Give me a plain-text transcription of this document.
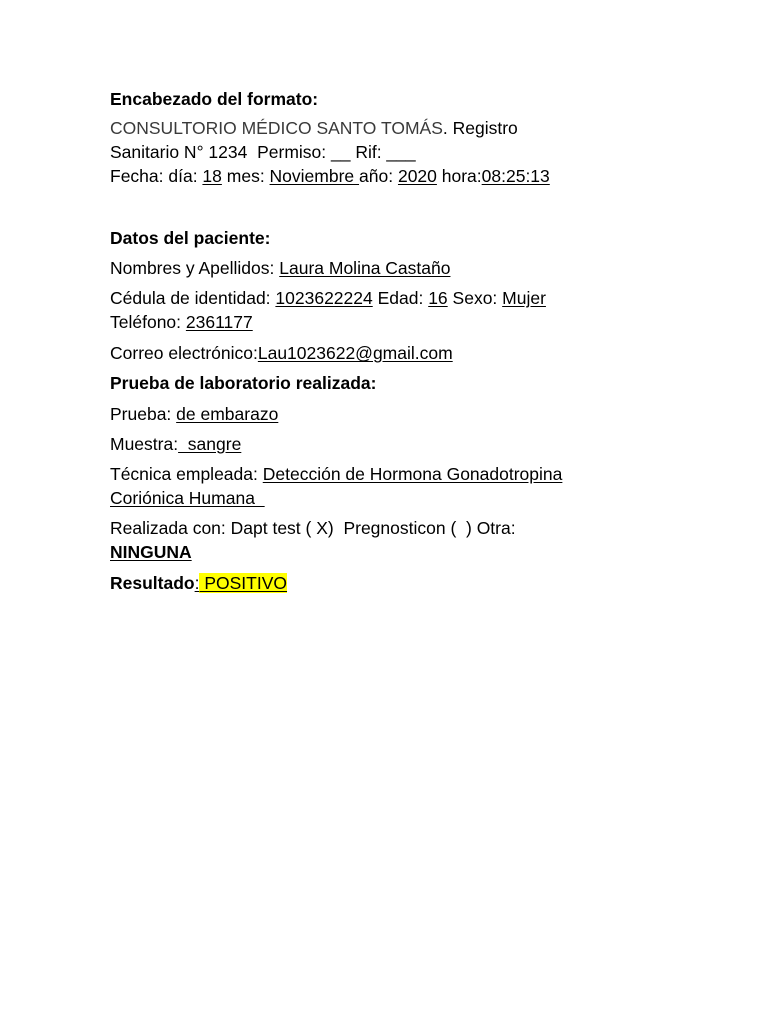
Encabezado del formato:
CONSULTORIO MÉDICO SANTO TOMÁS. Registro
Sanitario N° 1234  Permiso: __ Rif: ___
Fecha: día: 18 mes: Noviembre año: 2020 hora:08:25:13
Datos del paciente:
Nombres y Apellidos: Laura Molina Castaño
Cédula de identidad: 1023622224 Edad: 16 Sexo: Mujer
Teléfono: 2361177
Correo electrónico:Lau1023622@gmail.com
Prueba de laboratorio realizada:
Prueba: de embarazo
Muestra:  sangre
Técnica empleada: Detección de Hormona Gonadotropina
Coriónica Humana
Realizada con: Dapt test ( X)  Pregnosticon (  ) Otra:
NINGUNA
Resultado: POSITIVO
